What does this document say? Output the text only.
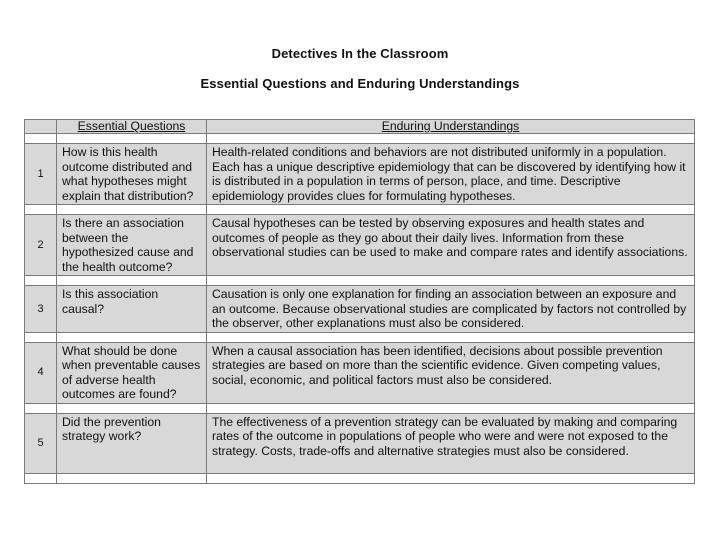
Detectives In the Classroom
Essential Questions and Enduring Understandings
	Essential Questions	Enduring Understandings

1	How is this health outcome distributed and what hypotheses might explain that distribution?	Health-related conditions and behaviors are not distributed uniformly in a population. Each has a unique descriptive epidemiology that can be discovered by identifying how it is distributed in a population in terms of person, place, and time. Descriptive epidemiology provides clues for formulating hypotheses.

2	Is there an association between the hypothesized cause and the health outcome?	Causal hypotheses can be tested by observing exposures and health states and outcomes of people as they go about their daily lives. Information from these observational studies can be used to make and compare rates and identify associations.

3	Is this association causal?	Causation is only one explanation for finding an association between an exposure and an outcome. Because observational studies are complicated by factors not controlled by the observer, other explanations must also be considered.

4	What should be done when preventable causes of adverse health outcomes are found?	When a causal association has been identified, decisions about possible prevention strategies are based on more than the scientific evidence. Given competing values, social, economic, and political factors must also be considered.

5	Did the prevention strategy work?	The effectiveness of a prevention strategy can be evaluated by making and comparing rates of the outcome in populations of people who were and were not exposed to the strategy. Costs, trade-offs and alternative strategies must also be considered.
